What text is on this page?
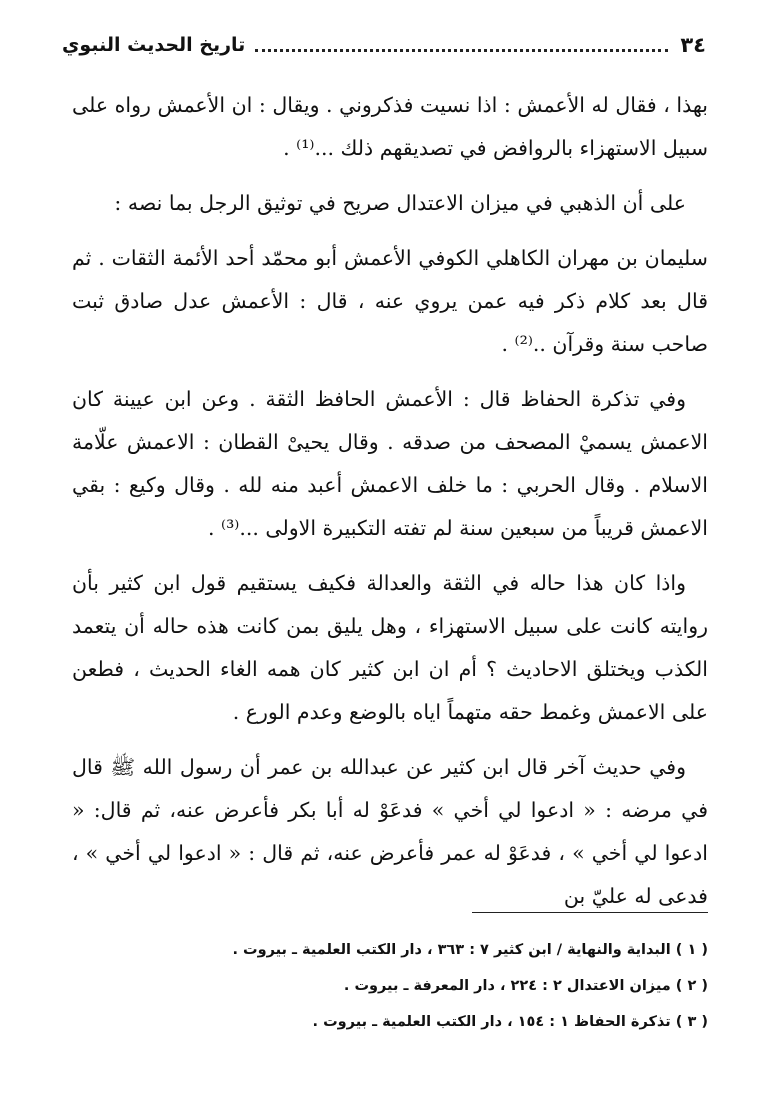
٣٤
تاريخ الحديث النبوي

بهذا ، فقال له الأعمش : اذا نسيت فذكروني . ويقال : ان الأعمش رواه على سبيل الاستهزاء بالروافض في تصديقهم ذلك ...⁽¹⁾ .

على أن الذهبي في ميزان الاعتدال صريح في توثيق الرجل بما نصه :

سليمان بن مهران الكاهلي الكوفي الأعمش أبو محمّد أحد الأئمة الثقات . ثم قال بعد كلام ذكر فيه عمن يروي عنه ، قال : الأعمش عدل صادق ثبت صاحب سنة وقرآن ..⁽²⁾ .

وفي تذكرة الحفاظ قال : الأعمش الحافظ الثقة . وعن ابن عيينة كان الاعمش يسميْ المصحف من صدقه . وقال يحيىْ القطان : الاعمش علّامة الاسلام . وقال الحربي : ما خلف الاعمش أعبد منه لله . وقال وكيع : بقي الاعمش قريباً من سبعين سنة لم تفته التكبيرة الاولى ...⁽³⁾ .

واذا كان هذا حاله في الثقة والعدالة فكيف يستقيم قول ابن كثير بأن روايته كانت على سبيل الاستهزاء ، وهل يليق بمن كانت هذه حاله أن يتعمد الكذب ويختلق الاحاديث ؟ أم ان ابن كثير كان همه الغاء الحديث ، فطعن على الاعمش وغمط حقه متهماً اياه بالوضع وعدم الورع .

وفي حديث آخر قال ابن كثير عن عبدالله بن عمر أن رسول الله ﷺ قال في مرضه : « ادعوا لي أخي » فدعَوْ له أبا بكر فأعرض عنه، ثم قال: « ادعوا لي أخي » ، فدعَوْ له عمر فأعرض عنه، ثم قال : « ادعوا لي أخي » ، فدعى له عليّ بن

( ١ ) البداية والنهاية / ابن كثير ٧ : ٣٦٣ ، دار الكتب العلمية ـ بيروت .

( ٢ ) ميزان الاعتدال ٢ : ٢٢٤ ، دار المعرفة ـ بيروت .

( ٣ ) تذكرة الحفاظ ١ : ١٥٤ ، دار الكتب العلمية ـ بيروت .
